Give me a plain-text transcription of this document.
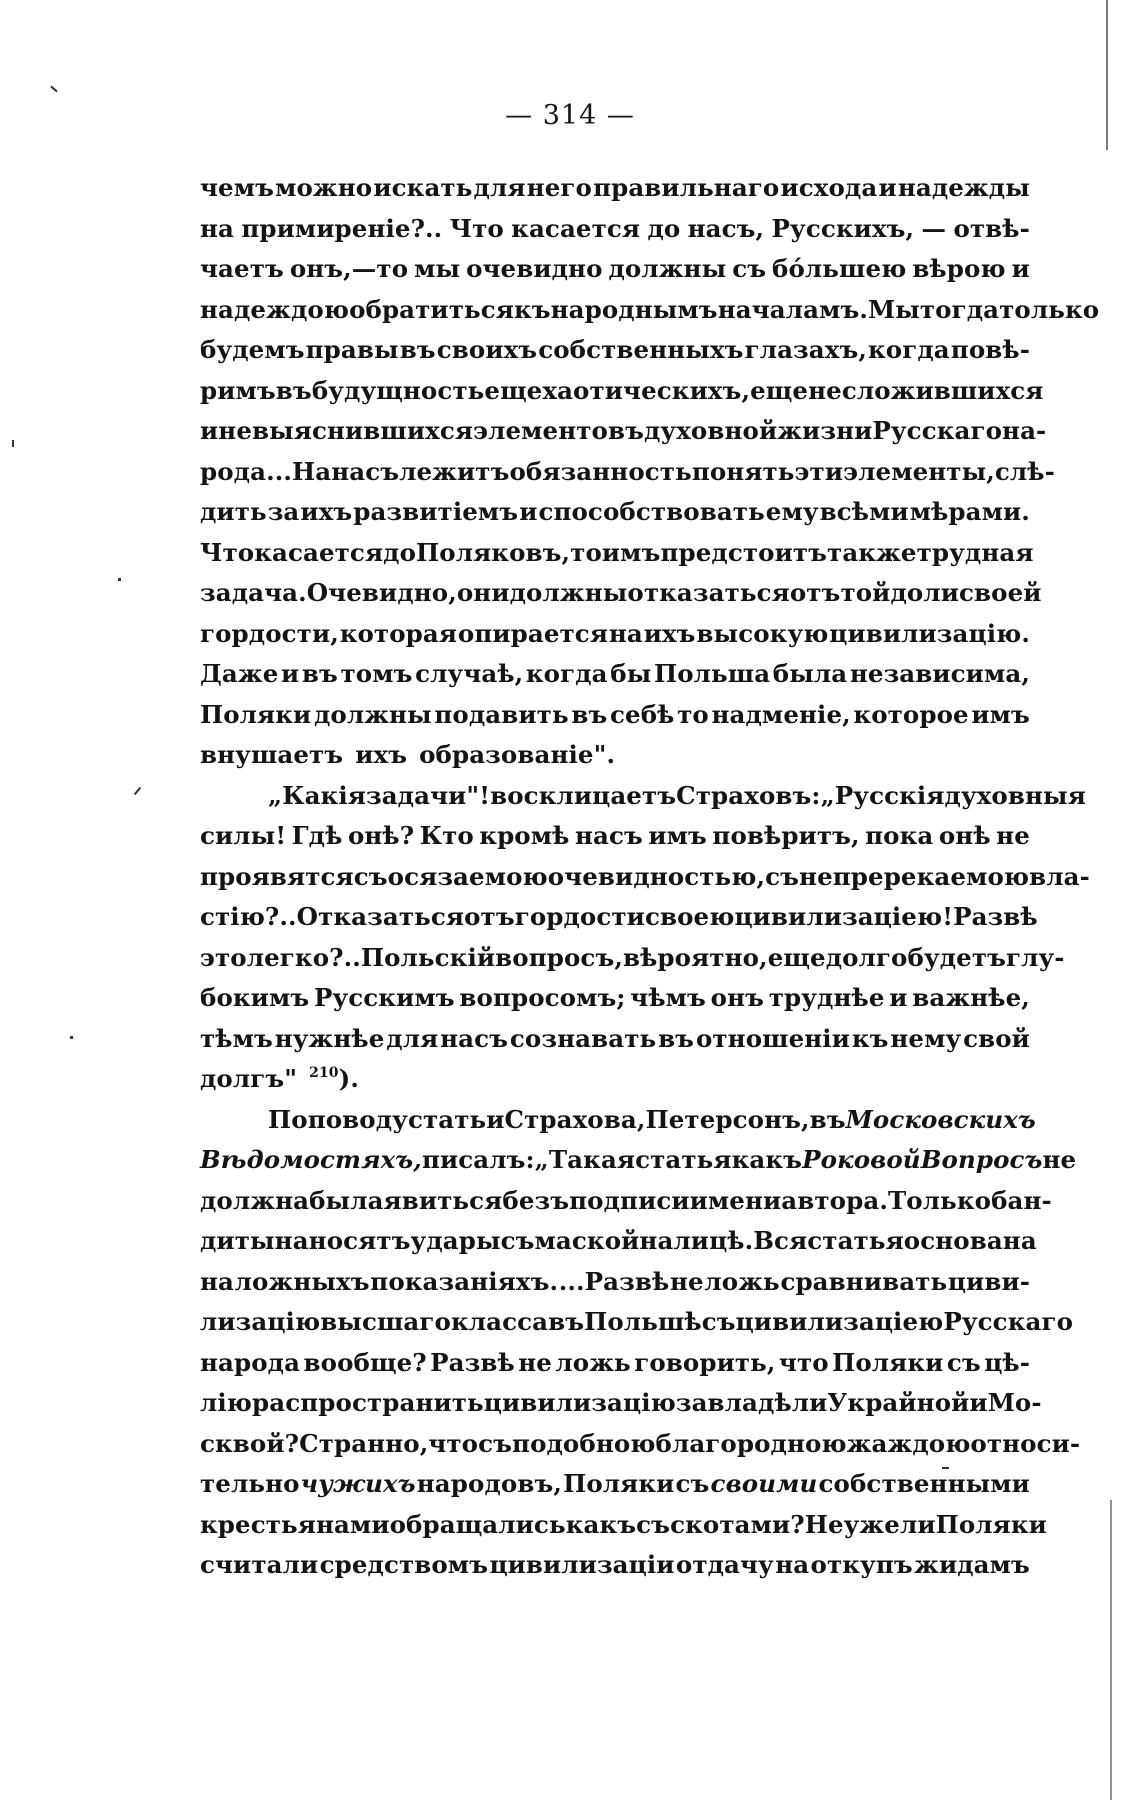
— 314 —
чемъ можно искать для него правильнаго исхода и надежды
на примиреніе?.. Что касается до насъ, Русскихъ, — отвѣ-
чаетъ онъ,—то мы очевидно должны съ бóльшею вѣрою и
надеждою обратиться къ народнымъ началамъ. Мы тогда только
будемъ правы въ своихъ собственныхъ глазахъ, когда повѣ-
римъ въ будущность еще хаотическихъ, еще несложившихся
и невыяснившихся элементовъ духовной жизни Русскаго на-
рода... На насъ лежитъ обязанность понять эти элементы, слѣ-
дить за ихъ развитіемъ и способствовать ему всѣми мѣрами.
Что касается до Поляковъ, то имъ предстоитъ также трудная
задача. Очевидно, они должны отказаться отъ той доли своей
гордости, которая опирается на ихъ высокую цивилизацію.
Даже и въ томъ случаѣ, когда бы Польша была независима,
Поляки должны подавить въ себѣ то надменіе, которое имъ
внушаетъ ихъ образованіе".
„Какія задачи"! восклицаетъ Страховъ: „Русскія духовныя
силы! Гдѣ онѣ? Кто кромѣ насъ имъ повѣритъ, пока онѣ не
проявятся съ осязаемою очевидностью, съ непререкаемою вла-
стію?.. Отказаться отъ гордости своею цивилизаціею! Развѣ
это легко?.. Польскій вопросъ, вѣроятно, еще долго будетъ глу-
бокимъ Русскимъ вопросомъ; чѣмъ онъ труднѣе и важнѣе,
тѣмъ нужнѣе для насъ сознавать въ отношеніи къ нему свой
долгъ" $^{210}$).
По поводу статьи Страхова, Петерсонъ, въ Московскихъ
Вѣдомостяхъ, писалъ: „Такая статья какъ Роковой Вопросъ не
должна была явиться безъ подписи имени автора. Только бан-
диты наносятъ удары съ маской на лицѣ. Вся статья основана
на ложныхъ показаніяхъ. ...Развѣ не ложь сравнивать циви-
лизацію высшаго класса въ Польшѣ съ цивилизаціею Русскаго
народа вообще? Развѣ не ложь говорить, что Поляки съ цѣ-
лію распространить цивилизацію завладѣли Украйной и Мо-
сквой? Странно, что съ подобною благородною жаждою относи-
тельно чужихъ народовъ, Поляки съ своими собственными
крестьянами обращались какъ съ скотами? Неужели Поляки
считали средствомъ цивилизаціи отдачу на откупъ жидамъ
